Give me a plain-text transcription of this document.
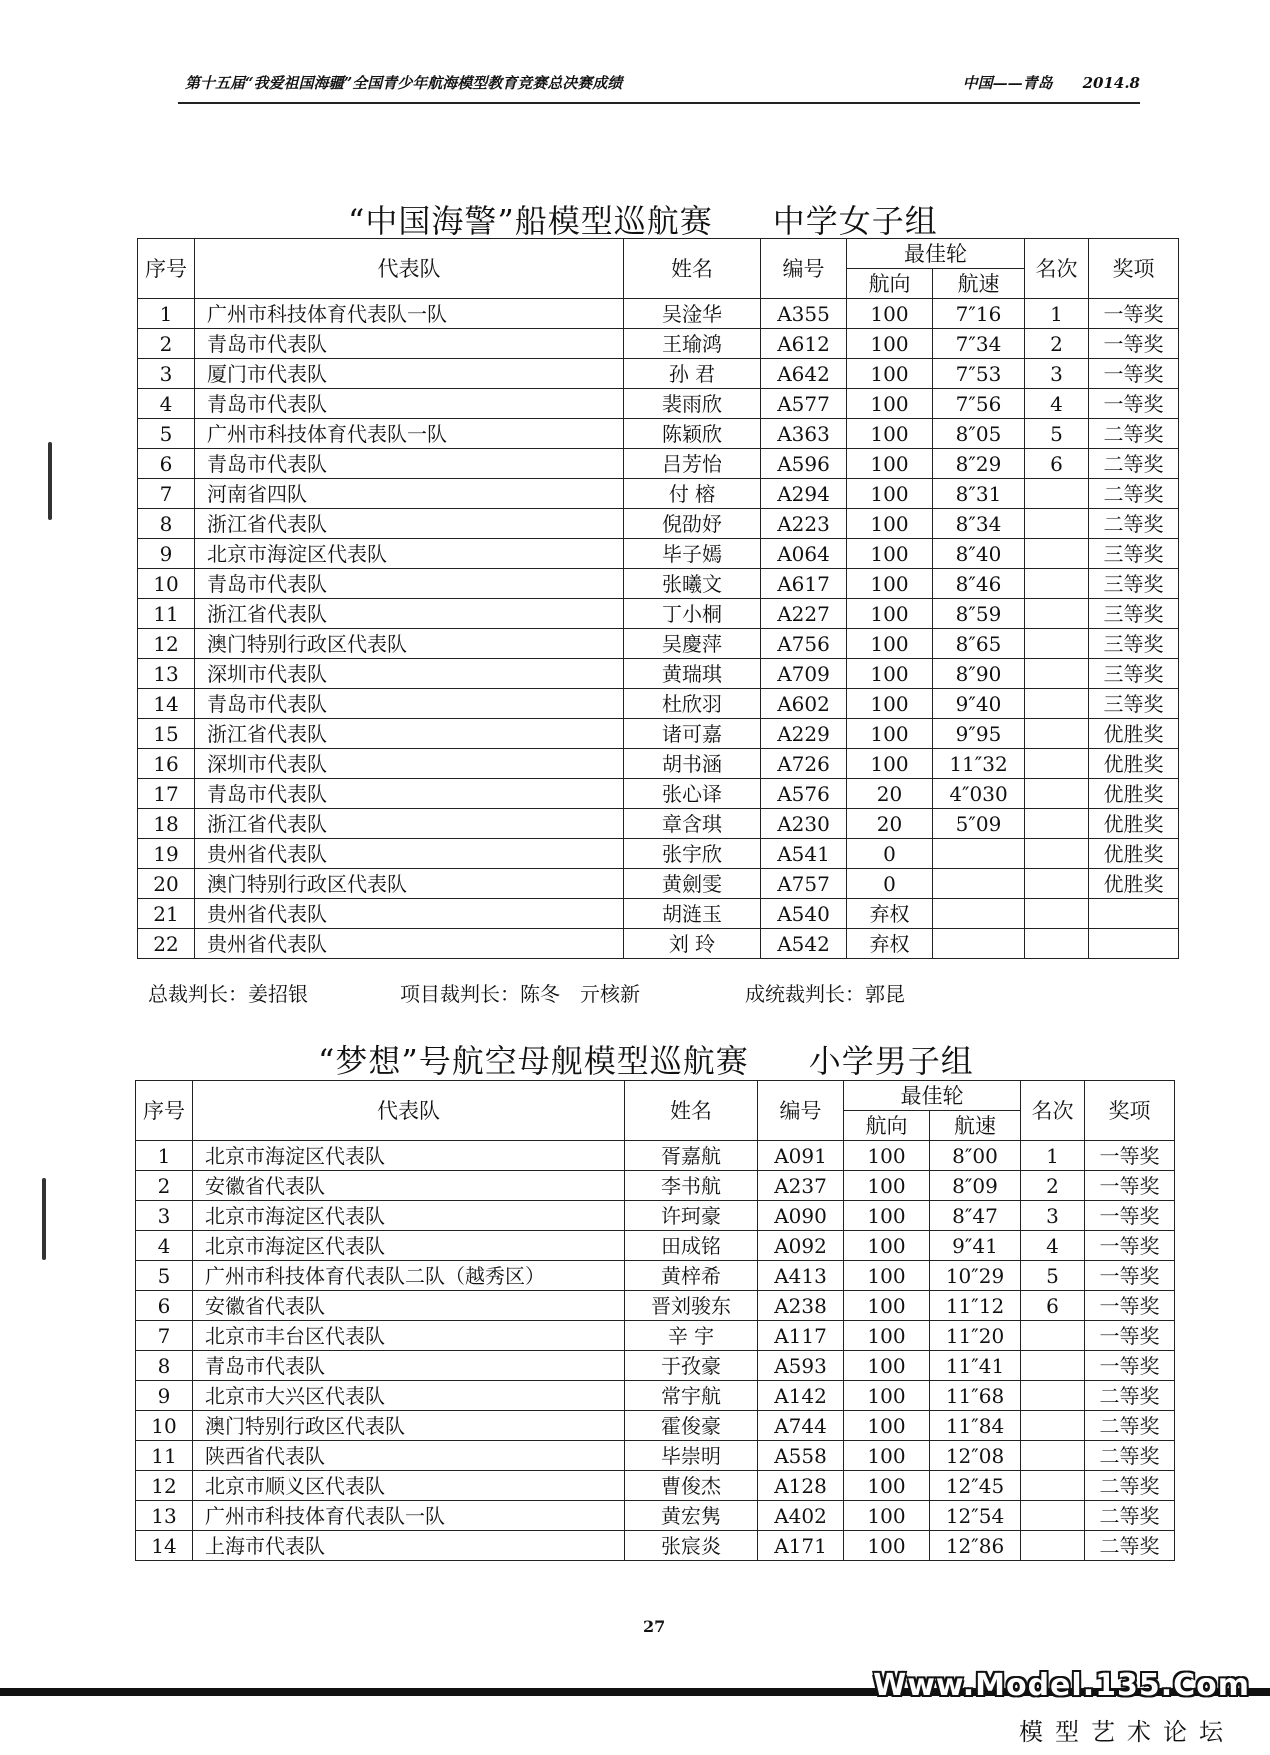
第十五届“我爱祖国海疆”全国青少年航海模型教育竞赛总决赛成绩	中国——青岛　　2014.8
“中国海警”船模型巡航赛 中学女子组
序号	代表队	姓名	编号	最佳轮		名次	奖项
				航向	航速		
1	广州市科技体育代表队一队	吴淦华	A355	100	7″16	1	一等奖
2	青岛市代表队	王瑜鸿	A612	100	7″34	2	一等奖
3	厦门市代表队	孙 君	A642	100	7″53	3	一等奖
4	青岛市代表队	裴雨欣	A577	100	7″56	4	一等奖
5	广州市科技体育代表队一队	陈颖欣	A363	100	8″05	5	二等奖
6	青岛市代表队	吕芳怡	A596	100	8″29	6	二等奖
7	河南省四队	付 榕	A294	100	8″31		二等奖
8	浙江省代表队	倪劭妤	A223	100	8″34		二等奖
9	北京市海淀区代表队	毕子嫣	A064	100	8″40		三等奖
10	青岛市代表队	张曦文	A617	100	8″46		三等奖
11	浙江省代表队	丁小桐	A227	100	8″59		三等奖
12	澳门特别行政区代表队	吴慶萍	A756	100	8″65		三等奖
13	深圳市代表队	黄瑞琪	A709	100	8″90		三等奖
14	青岛市代表队	杜欣羽	A602	100	9″40		三等奖
15	浙江省代表队	诸可嘉	A229	100	9″95		优胜奖
16	深圳市代表队	胡书涵	A726	100	11″32		优胜奖
17	青岛市代表队	张心译	A576	20	4″030		优胜奖
18	浙江省代表队	章含琪	A230	20	5″09		优胜奖
19	贵州省代表队	张宇欣	A541	0			优胜奖
20	澳门特别行政区代表队	黄劍雯	A757	0			优胜奖
21	贵州省代表队	胡涟玉	A540	弃权			
22	贵州省代表队	刘 玲	A542	弃权			
总裁判长：姜招银	项目裁判长：陈冬　亓核新	成统裁判长：郭昆
“梦想”号航空母舰模型巡航赛 小学男子组
序号	代表队	姓名	编号	最佳轮		名次	奖项
				航向	航速		
1	北京市海淀区代表队	胥嘉航	A091	100	8″00	1	一等奖
2	安徽省代表队	李书航	A237	100	8″09	2	一等奖
3	北京市海淀区代表队	许珂豪	A090	100	8″47	3	一等奖
4	北京市海淀区代表队	田成铭	A092	100	9″41	4	一等奖
5	广州市科技体育代表队二队（越秀区）	黄梓希	A413	100	10″29	5	一等奖
6	安徽省代表队	晋刘骏东	A238	100	11″12	6	一等奖
7	北京市丰台区代表队	辛 宇	A117	100	11″20		一等奖
8	青岛市代表队	于孜豪	A593	100	11″41		一等奖
9	北京市大兴区代表队	常宇航	A142	100	11″68		二等奖
10	澳门特别行政区代表队	霍俊豪	A744	100	11″84		二等奖
11	陕西省代表队	毕崇明	A558	100	12″08		二等奖
12	北京市顺义区代表队	曹俊杰	A128	100	12″45		二等奖
13	广州市科技体育代表队一队	黄宏隽	A402	100	12″54		二等奖
14	上海市代表队	张宸炎	A171	100	12″86		二等奖
27
Www.Model.135.Com
模型艺术论坛
